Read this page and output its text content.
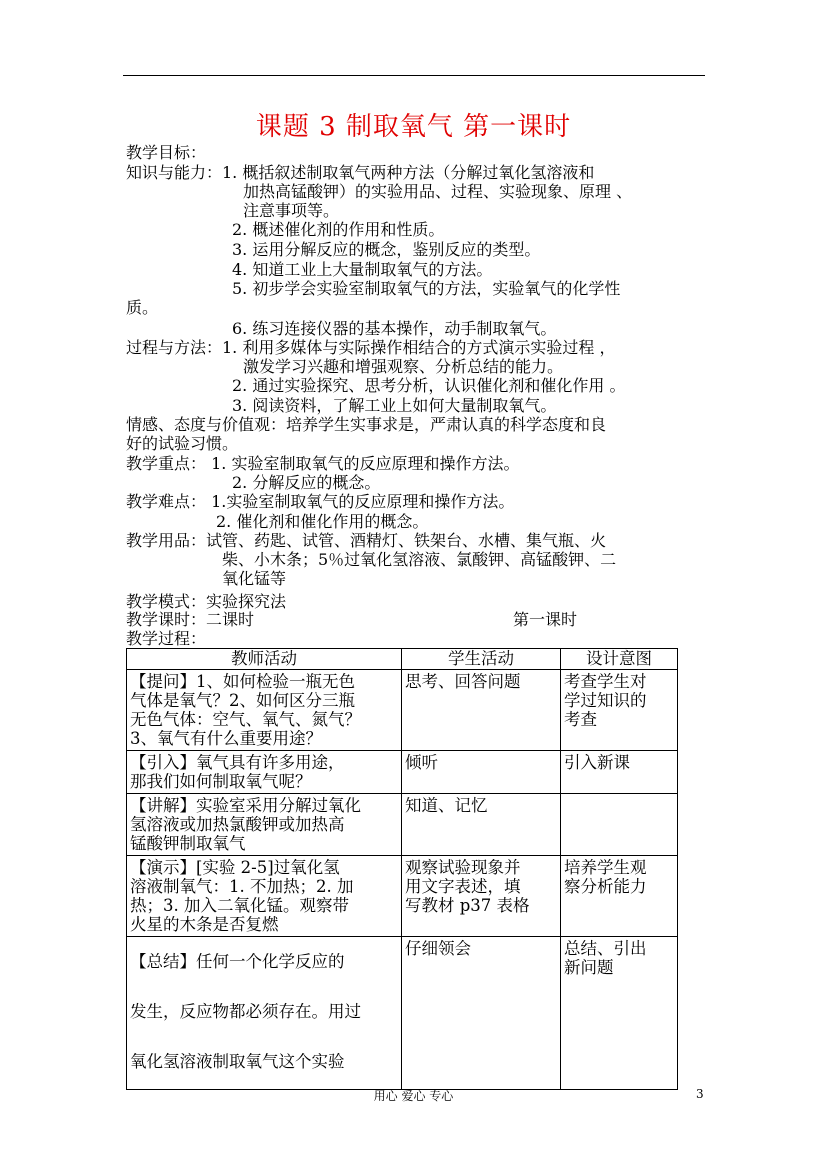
课题 3 制取氧气 第一课时
教学目标：
知识与能力：1. 概括叙述制取氧气两种方法（分解过氧化氢溶液和
加热高锰酸钾）的实验用品、过程、实验现象、原理 、
注意事项等。
2. 概述催化剂的作用和性质。
3. 运用分解反应的概念，鉴别反应的类型。
4. 知道工业上大量制取氧气的方法。
5. 初步学会实验室制取氧气的方法，实验氧气的化学性
质。
6. 练习连接仪器的基本操作，动手制取氧气。
过程与方法：1. 利用多媒体与实际操作相结合的方式演示实验过程 ，
激发学习兴趣和增强观察、分析总结的能力。
2. 通过实验探究、思考分析，认识催化剂和催化作用 。
3. 阅读资料，了解工业上如何大量制取氧气。
情感、态度与价值观：培养学生实事求是，严肃认真的科学态度和良
好的试验习惯。
教学重点： 1. 实验室制取氧气的反应原理和操作方法。
2. 分解反应的概念。
教学难点： 1.实验室制取氧气的反应原理和操作方法。
2. 催化剂和催化作用的概念。
教学用品：试管、药匙、试管、酒精灯、铁架台、水槽、集气瓶、火
柴、小木条；5％过氧化氢溶液、氯酸钾、高锰酸钾、二
氧化锰等
教学模式：实验探究法
教学课时：二课时	第一课时
教学过程：
教师活动	学生活动	设计意图

【提问】1、如何检验一瓶无色
气体是氧气？2、如何区分三瓶
无色气体：空气、氧气、氮气？
3、氧气有什么重要用途？	思考、回答问题	考查学生对
学过知识的
考查

【引入】氧气具有许多用途，
那我们如何制取氧气呢？	倾听	引入新课

【讲解】实验室采用分解过氧化
氢溶液或加热氯酸钾或加热高
锰酸钾制取氧气	知道、记忆	

【演示】[实验 2-5]过氧化氢
溶液制氧气：1. 不加热；2. 加
热；3. 加入二氧化锰。观察带
火星的木条是否复燃	观察试验现象并
用文字表述，填
写教材 p37 表格	培养学生观
察分析能力

【总结】任何一个化学反应的
发生，反应物都必须存在。用过
氧化氢溶液制取氧气这个实验	仔细领会	总结、引出
新问题
用心 爱心 专心	3
